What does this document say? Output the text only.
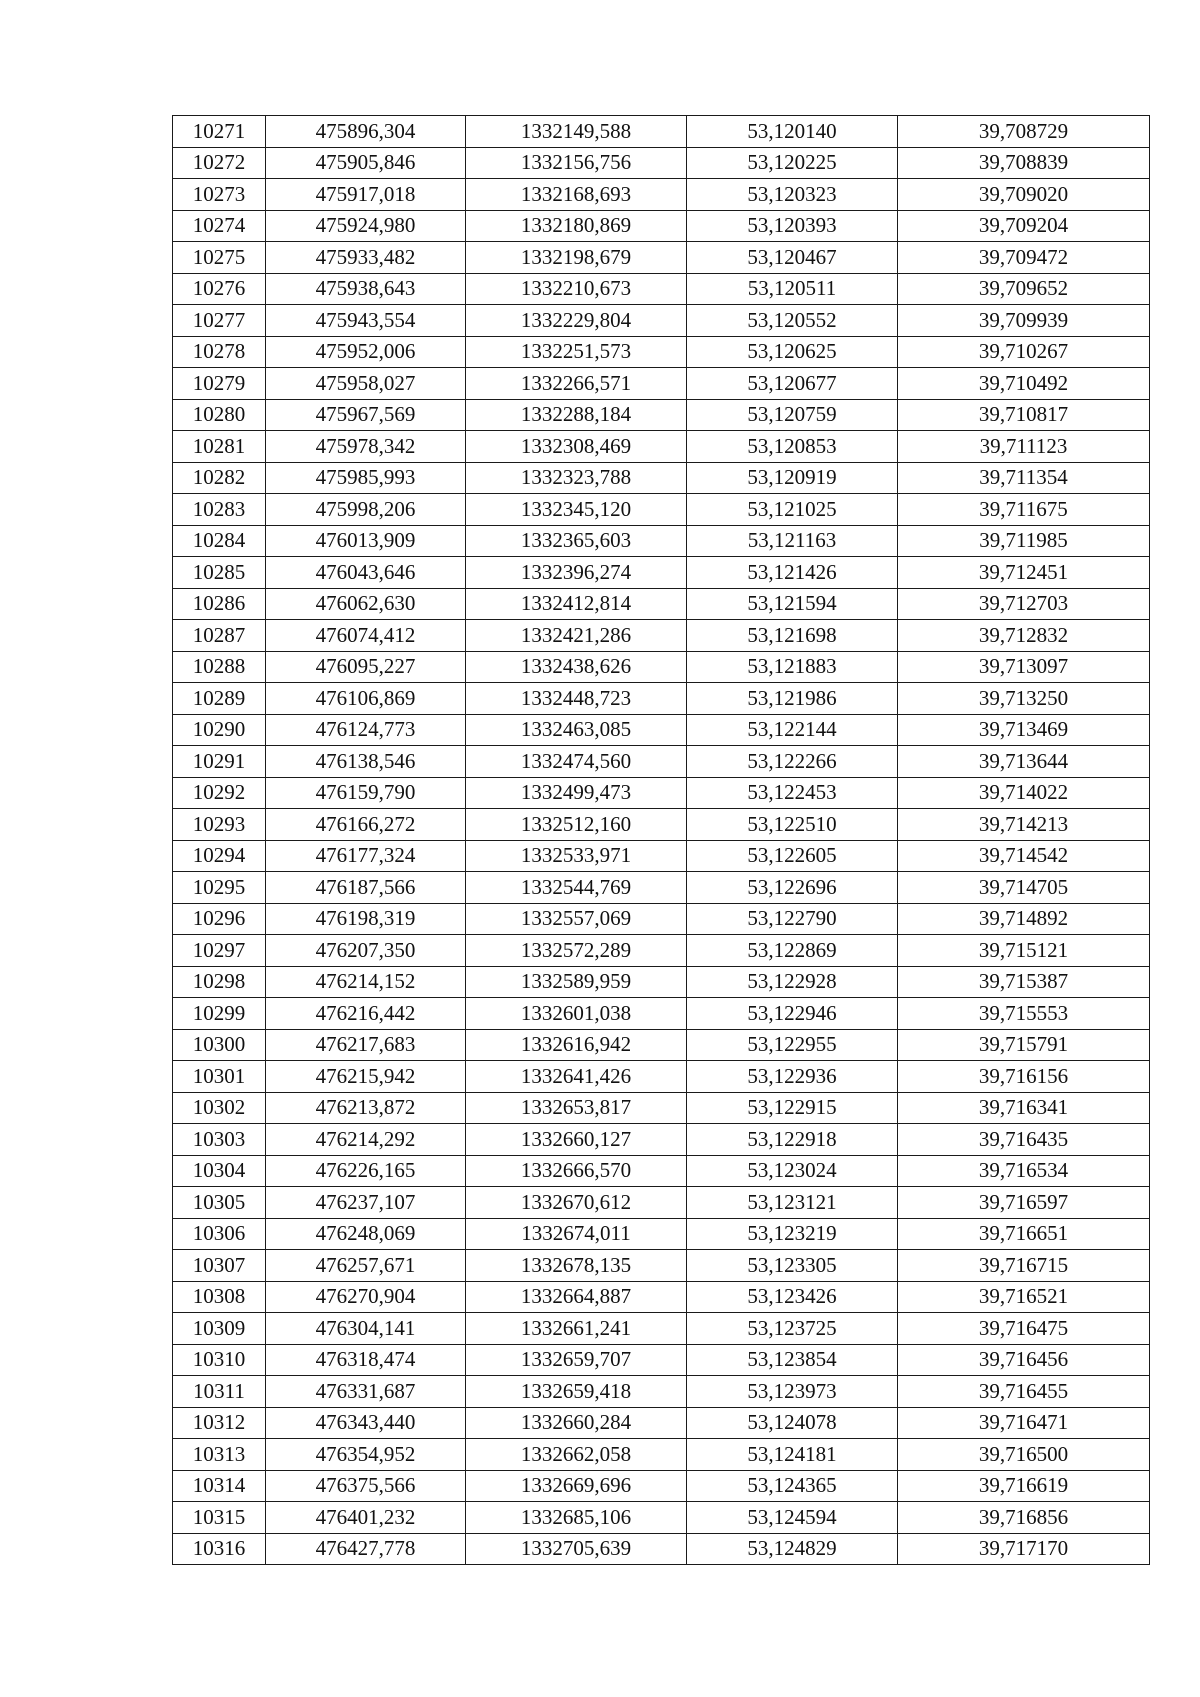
10271	475896,304	1332149,588	53,120140	39,708729
10272	475905,846	1332156,756	53,120225	39,708839
10273	475917,018	1332168,693	53,120323	39,709020
10274	475924,980	1332180,869	53,120393	39,709204
10275	475933,482	1332198,679	53,120467	39,709472
10276	475938,643	1332210,673	53,120511	39,709652
10277	475943,554	1332229,804	53,120552	39,709939
10278	475952,006	1332251,573	53,120625	39,710267
10279	475958,027	1332266,571	53,120677	39,710492
10280	475967,569	1332288,184	53,120759	39,710817
10281	475978,342	1332308,469	53,120853	39,711123
10282	475985,993	1332323,788	53,120919	39,711354
10283	475998,206	1332345,120	53,121025	39,711675
10284	476013,909	1332365,603	53,121163	39,711985
10285	476043,646	1332396,274	53,121426	39,712451
10286	476062,630	1332412,814	53,121594	39,712703
10287	476074,412	1332421,286	53,121698	39,712832
10288	476095,227	1332438,626	53,121883	39,713097
10289	476106,869	1332448,723	53,121986	39,713250
10290	476124,773	1332463,085	53,122144	39,713469
10291	476138,546	1332474,560	53,122266	39,713644
10292	476159,790	1332499,473	53,122453	39,714022
10293	476166,272	1332512,160	53,122510	39,714213
10294	476177,324	1332533,971	53,122605	39,714542
10295	476187,566	1332544,769	53,122696	39,714705
10296	476198,319	1332557,069	53,122790	39,714892
10297	476207,350	1332572,289	53,122869	39,715121
10298	476214,152	1332589,959	53,122928	39,715387
10299	476216,442	1332601,038	53,122946	39,715553
10300	476217,683	1332616,942	53,122955	39,715791
10301	476215,942	1332641,426	53,122936	39,716156
10302	476213,872	1332653,817	53,122915	39,716341
10303	476214,292	1332660,127	53,122918	39,716435
10304	476226,165	1332666,570	53,123024	39,716534
10305	476237,107	1332670,612	53,123121	39,716597
10306	476248,069	1332674,011	53,123219	39,716651
10307	476257,671	1332678,135	53,123305	39,716715
10308	476270,904	1332664,887	53,123426	39,716521
10309	476304,141	1332661,241	53,123725	39,716475
10310	476318,474	1332659,707	53,123854	39,716456
10311	476331,687	1332659,418	53,123973	39,716455
10312	476343,440	1332660,284	53,124078	39,716471
10313	476354,952	1332662,058	53,124181	39,716500
10314	476375,566	1332669,696	53,124365	39,716619
10315	476401,232	1332685,106	53,124594	39,716856
10316	476427,778	1332705,639	53,124829	39,717170
